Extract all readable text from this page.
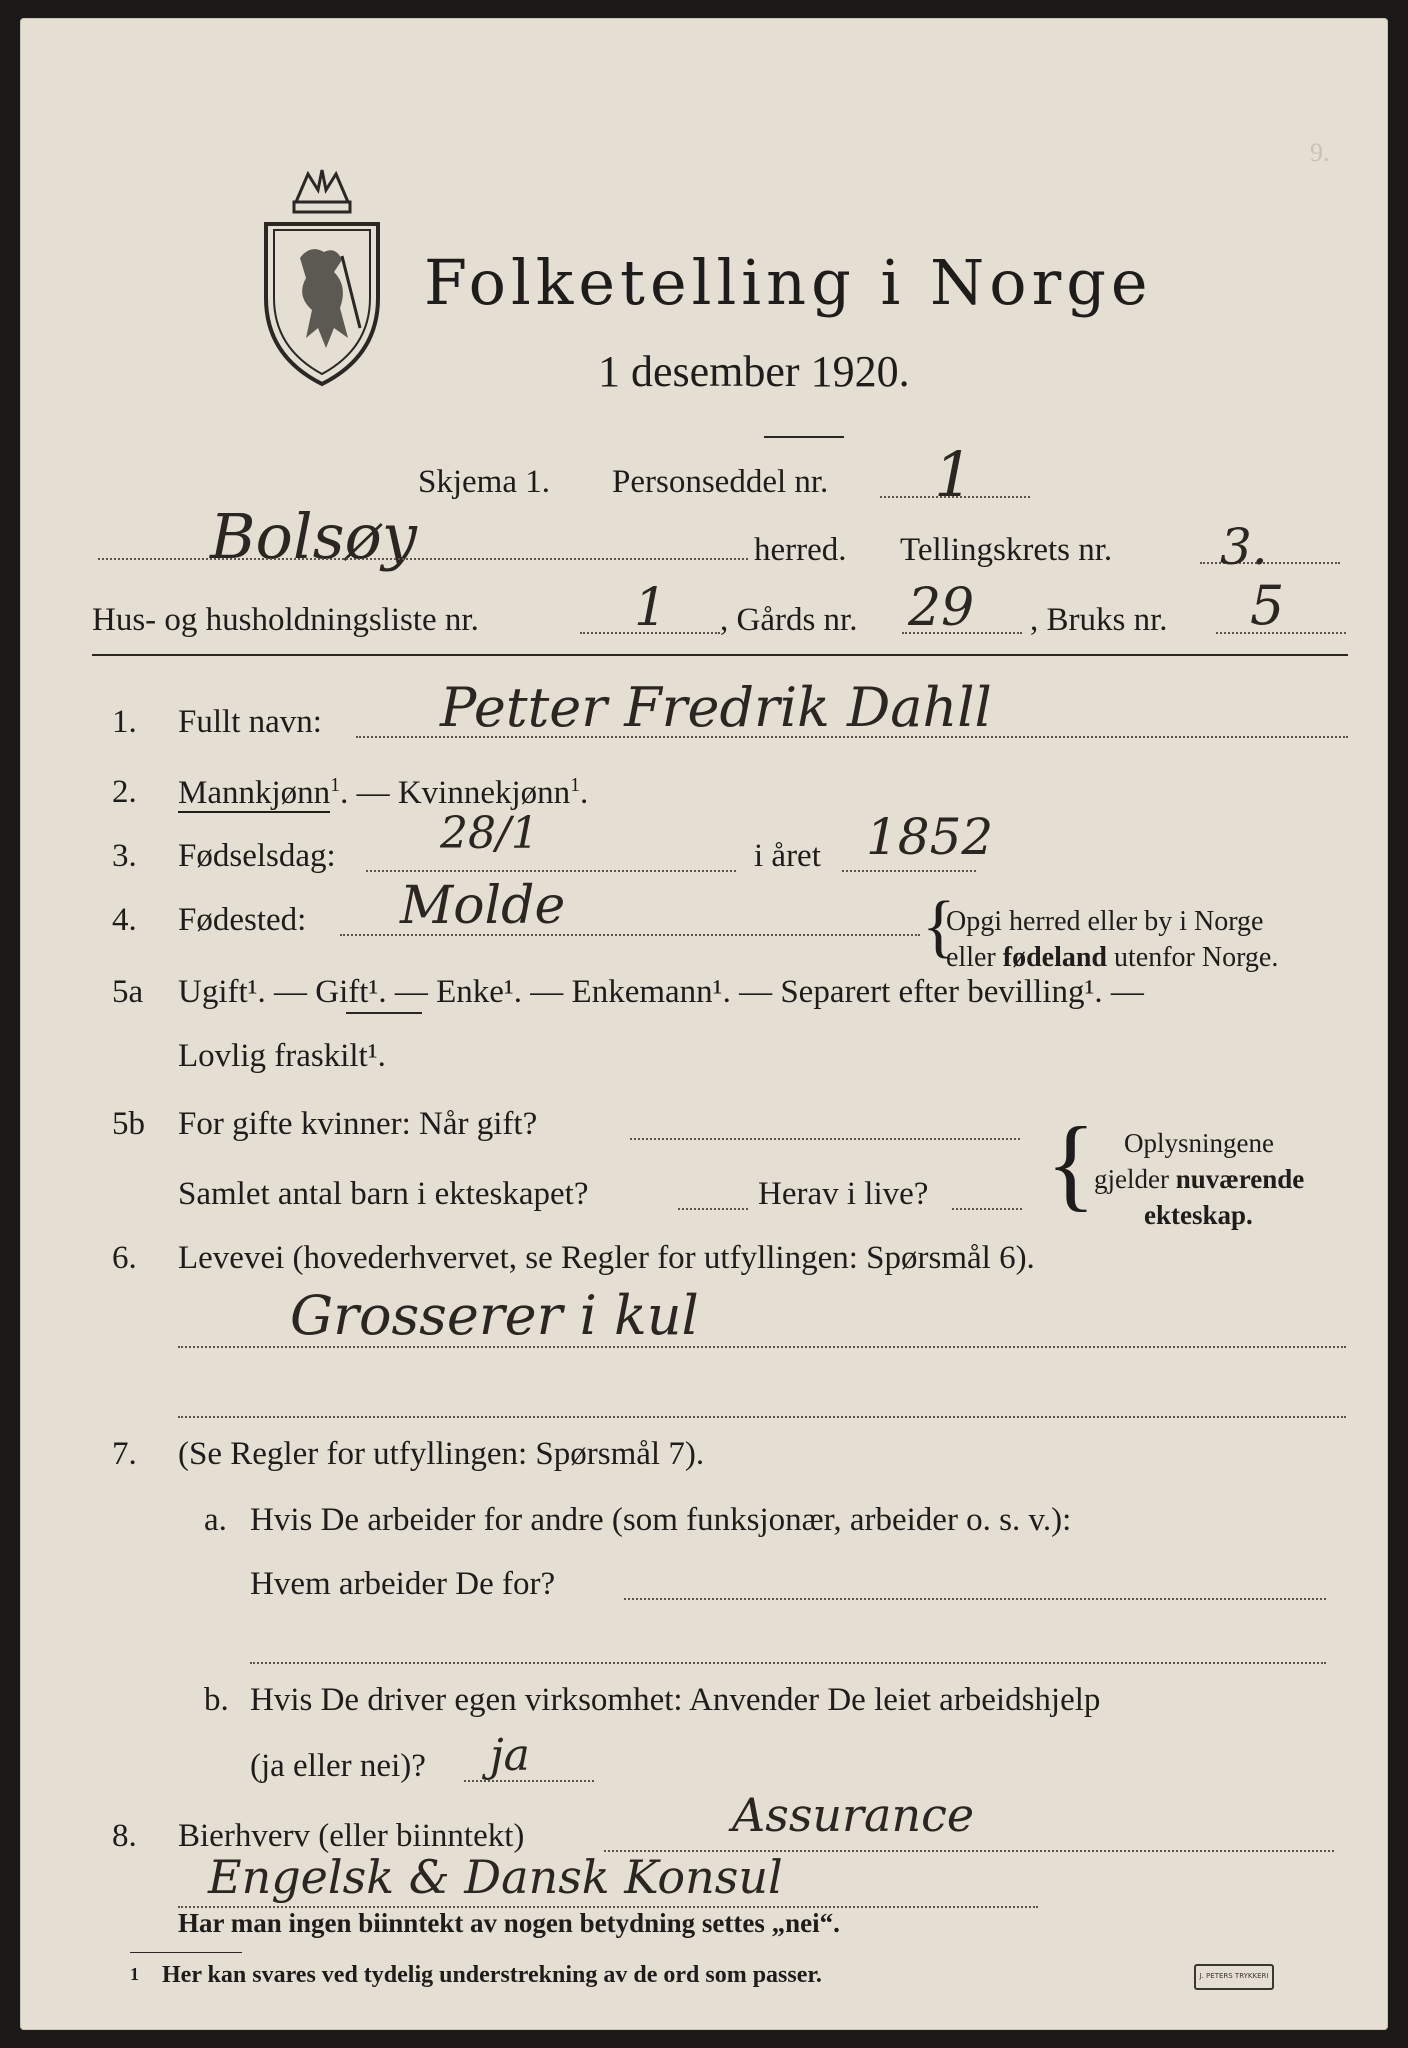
9.
Folketelling i Norge
1 desember 1920.
Skjema 1. Personseddel nr. 1
Bolsøy	herred. Tellingskrets nr. 3.
Hus- og husholdningsliste nr.	1 , Gårds nr. 29 , Bruks nr. 5
1. Fullt navn: Petter Fredrik Dahll
2. Mannkjønn$^1$. — Kvinnekjønn$^1$.
3. Fødselsdag: 28/1	i året 1852
4. Fødested: Molde	{
Opgi herred eller by i Norge
eller fødeland utenfor Norge.
5a Ugift¹. — Gift¹. — Enke¹. — Enkemann¹. — Separert efter bevilling¹. —
Lovlig fraskilt¹.
5b For gifte kvinner: Når gift?
Samlet antal barn i ekteskapet?	Herav i live? { Oplysningene
gjelder nuværende
ekteskap.
6. Levevei (hovederhvervet, se Regler for utfyllingen: Spørsmål 6).
Grosserer i kul
7. (Se Regler for utfyllingen: Spørsmål 7).
a. Hvis De arbeider for andre (som funksjonær, arbeider o. s. v.):
Hvem arbeider De for?
b. Hvis De driver egen virksomhet: Anvender De leiet arbeidshjelp
(ja eller nei)? ja
8. Bierhverv (eller biinntekt)	Assurance
Engelsk & Dansk Konsul
Har man ingen biinntekt av nogen betydning settes „nei“.
1 Her kan svares ved tydelig understrekning av de ord som passer.	J. PETERS TRYKKERI
